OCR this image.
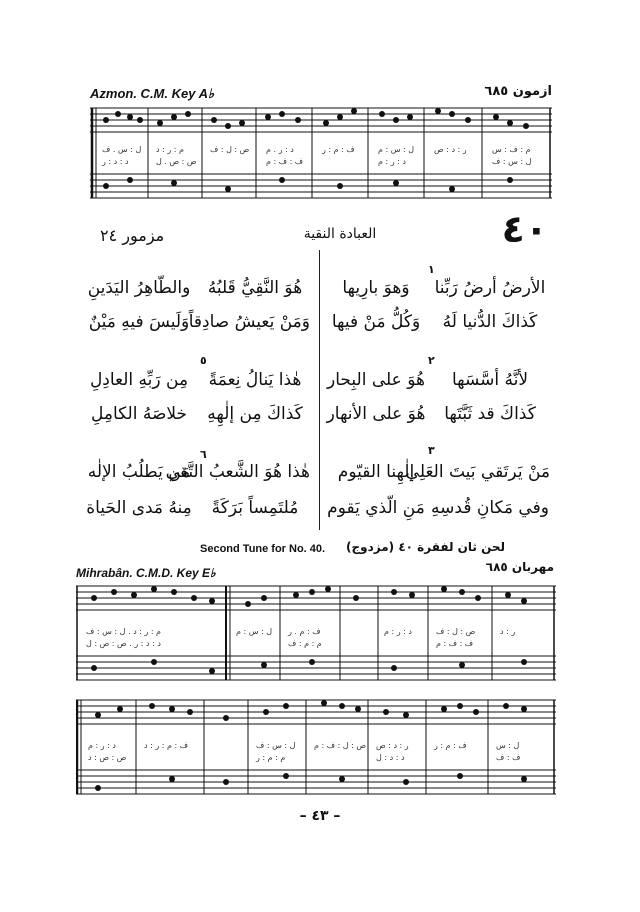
Azmon. C.M. Key A♭	ازمون ٦٨٥
ل : س . ف م : ر : د	ص : ل : ف د : ر . م	ف : م : ر	ل : س : م ر : د : ص	م : ف : س
د : د : ر	ص : ص . ل	ف : ف : م	د : ر : م	ل : س : ف
٤٠
العبادة النقية
مزمور ٢٤
١
الأرضُ أرضُ رَبِّنا
وَهوَ بارِيها
هُوَ النَّقِيُّ قَلبُهُ
والطّاهِرُ اليَدَينِ
كَذاكَ الدُّنيا لَهُ
وَكُلُّ مَنْ فيها
وَمَنْ يَعيشُ صادِقاً
وَلَيسَ فيهِ مَيْنٌ
٢
٥
لأنَّهُ أسَّسَها
هُوَ على البِحار
هٰذا يَنالُ نِعمَةً
مِن رَبِّهِ العادِلِ
كَذاكَ قد ثَبَّتَها
هُوَ على الأنهار
كَذاكَ مِن إلٰهِهِ
خلاصَهُ الكامِلِ
٣
٦
مَنْ يَرتَقي بَيتَ العَلِي
إلٰهِنا القيّوم
هٰذا هُوَ الشَّعبُ التَّقي
مَن يَطلُبُ الإلٰه
وفي مَكانِ قُدسِهِ
مَنِ الّذي يَقوم
مُلتَمِساً بَرَكَةً
مِنهُ مَدى الحَياة
Second Tune for No. 40. لحن ثان لفقرة ٤٠ (مزدوج)
Mihrabân. C.M.D. Key E♭	مهربان ٦٨٥
م : ر : د . ل : س : ف	ل : س : م ف : م . ر	د : ر : م	ص : ل : ف	ر : د
د : د : ر . ص : ص : ل	م : م : ف	ف : ف : م
د : ر : م	ف : م : ر : د	ل : س : ف ص : ل : ف : م ر : د : ص	ف : م : ر	ل : س
ص : ص : د	م : م : ر	د : د : ل	ف : ف
– ٤٣ –
